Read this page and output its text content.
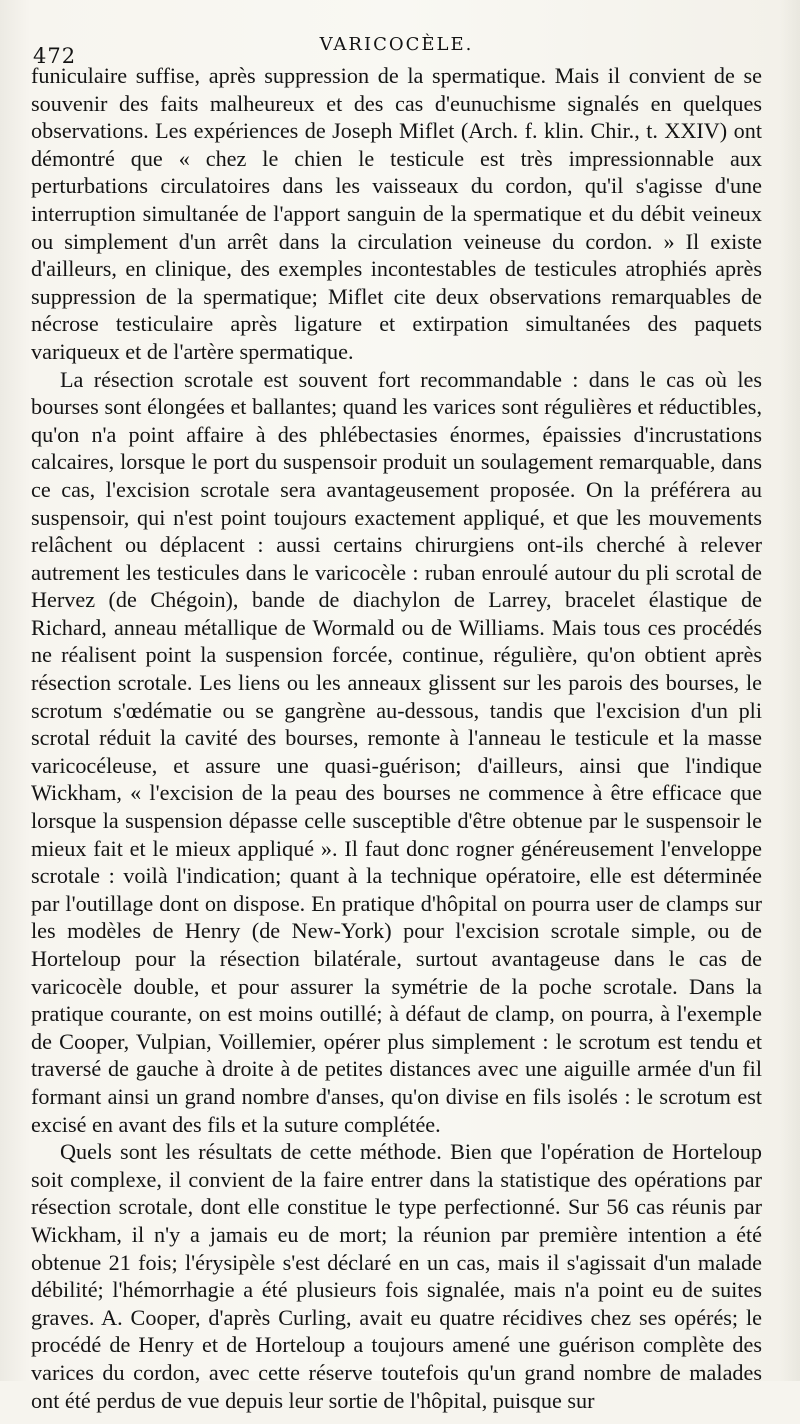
472	VARICOCÈLE.

funiculaire suffise, après suppression de la spermatique. Mais il convient de se souvenir des faits malheureux et des cas d'eunuchisme signalés en quelques observations. Les expériences de Joseph Miflet (Arch. f. klin. Chir., t. XXIV) ont démontré que « chez le chien le testicule est très impressionnable aux perturbations circulatoires dans les vaisseaux du cordon, qu'il s'agisse d'une interruption simultanée de l'apport sanguin de la spermatique et du débit veineux ou simplement d'un arrêt dans la circulation veineuse du cordon. » Il existe d'ailleurs, en clinique, des exemples incontestables de testicules atrophiés après suppression de la spermatique; Miflet cite deux observations remarquables de nécrose testiculaire après ligature et extirpation simultanées des paquets variqueux et de l'artère spermatique.

La résection scrotale est souvent fort recommandable : dans le cas où les bourses sont élongées et ballantes; quand les varices sont régulières et réductibles, qu'on n'a point affaire à des phlébectasies énormes, épaissies d'incrustations calcaires, lorsque le port du suspensoir produit un soulagement remarquable, dans ce cas, l'excision scrotale sera avantageusement proposée. On la préférera au suspensoir, qui n'est point toujours exactement appliqué, et que les mouvements relâchent ou déplacent : aussi certains chirurgiens ont-ils cherché à relever autrement les testicules dans le varicocèle : ruban enroulé autour du pli scrotal de Hervez (de Chégoin), bande de diachylon de Larrey, bracelet élastique de Richard, anneau métallique de Wormald ou de Williams. Mais tous ces procédés ne réalisent point la suspension forcée, continue, régulière, qu'on obtient après résection scrotale. Les liens ou les anneaux glissent sur les parois des bourses, le scrotum s'œdématie ou se gangrène au-dessous, tandis que l'excision d'un pli scrotal réduit la cavité des bourses, remonte à l'anneau le testicule et la masse varicocéleuse, et assure une quasi-guérison; d'ailleurs, ainsi que l'indique Wickham, « l'excision de la peau des bourses ne commence à être efficace que lorsque la suspension dépasse celle susceptible d'être obtenue par le suspensoir le mieux fait et le mieux appliqué ». Il faut donc rogner généreusement l'enveloppe scrotale : voilà l'indication; quant à la technique opératoire, elle est déterminée par l'outillage dont on dispose. En pratique d'hôpital on pourra user de clamps sur les modèles de Henry (de New-York) pour l'excision scrotale simple, ou de Horteloup pour la résection bilatérale, surtout avantageuse dans le cas de varicocèle double, et pour assurer la symétrie de la poche scrotale. Dans la pratique courante, on est moins outillé; à défaut de clamp, on pourra, à l'exemple de Cooper, Vulpian, Voillemier, opérer plus simplement : le scrotum est tendu et traversé de gauche à droite à de petites distances avec une aiguille armée d'un fil formant ainsi un grand nombre d'anses, qu'on divise en fils isolés : le scrotum est excisé en avant des fils et la suture complétée.

Quels sont les résultats de cette méthode. Bien que l'opération de Horteloup soit complexe, il convient de la faire entrer dans la statistique des opérations par résection scrotale, dont elle constitue le type perfectionné. Sur 56 cas réunis par Wickham, il n'y a jamais eu de mort; la réunion par première intention a été obtenue 21 fois; l'érysipèle s'est déclaré en un cas, mais il s'agissait d'un malade débilité; l'hémorrhagie a été plusieurs fois signalée, mais n'a point eu de suites graves. A. Cooper, d'après Curling, avait eu quatre récidives chez ses opérés; le procédé de Henry et de Horteloup a toujours amené une guérison complète des varices du cordon, avec cette réserve toutefois qu'un grand nombre de malades ont été perdus de vue depuis leur sortie de l'hôpital, puisque sur
